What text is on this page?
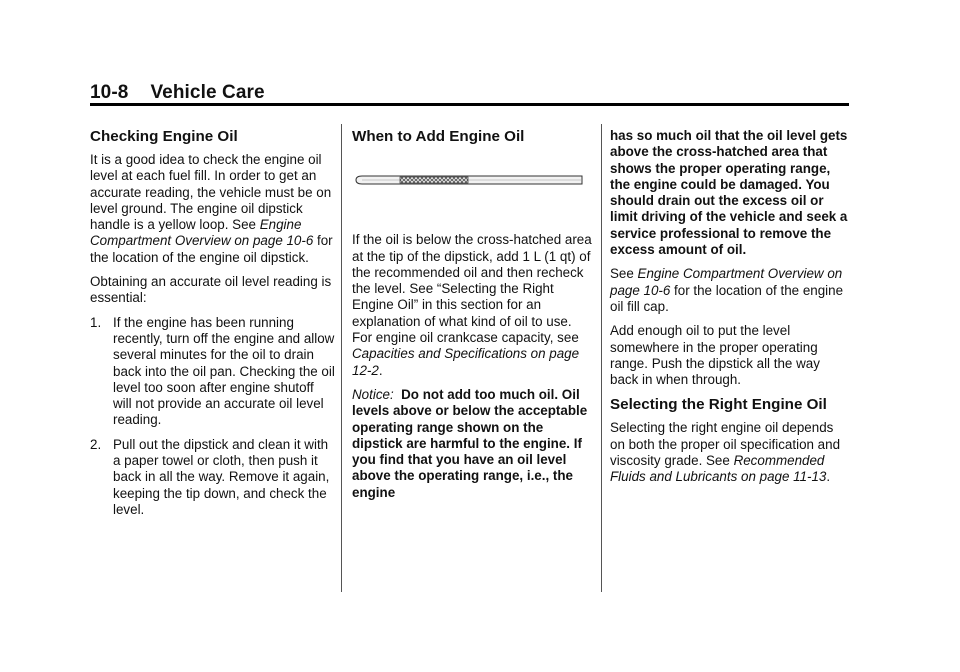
10-8 Vehicle Care
Checking Engine Oil

It is a good idea to check the engine oil level at each fuel fill. In order to get an accurate reading, the vehicle must be on level ground. The engine oil dipstick handle is a yellow loop. See Engine Compartment Overview on page 10-6 for the location of the engine oil dipstick.

Obtaining an accurate oil level reading is essential:

1. If the engine has been running recently, turn off the engine and allow several minutes for the oil to drain back into the oil pan. Checking the oil level too soon after engine shutoff will not provide an accurate oil level reading.
2. Pull out the dipstick and clean it with a paper towel or cloth, then push it back in all the way. Remove it again, keeping the tip down, and check the level.
When to Add Engine Oil

If the oil is below the cross-hatched area at the tip of the dipstick, add 1 L (1 qt) of the recommended oil and then recheck the level. See “Selecting the Right Engine Oil” in this section for an explanation of what kind of oil to use. For engine oil crankcase capacity, see Capacities and Specifications on page 12-2.

Notice: Do not add too much oil. Oil levels above or below the acceptable operating range shown on the dipstick are harmful to the engine. If you find that you have an oil level above the operating range, i.e., the engine

has so much oil that the oil level gets above the cross-hatched area that shows the proper operating range, the engine could be damaged. You should drain out the excess oil or limit driving of the vehicle and seek a service professional to remove the excess amount of oil.

See Engine Compartment Overview on page 10-6 for the location of the engine oil fill cap.

Add enough oil to put the level somewhere in the proper operating range. Push the dipstick all the way back in when through.

Selecting the Right Engine Oil

Selecting the right engine oil depends on both the proper oil specification and viscosity grade. See Recommended Fluids and Lubricants on page 11-13.
